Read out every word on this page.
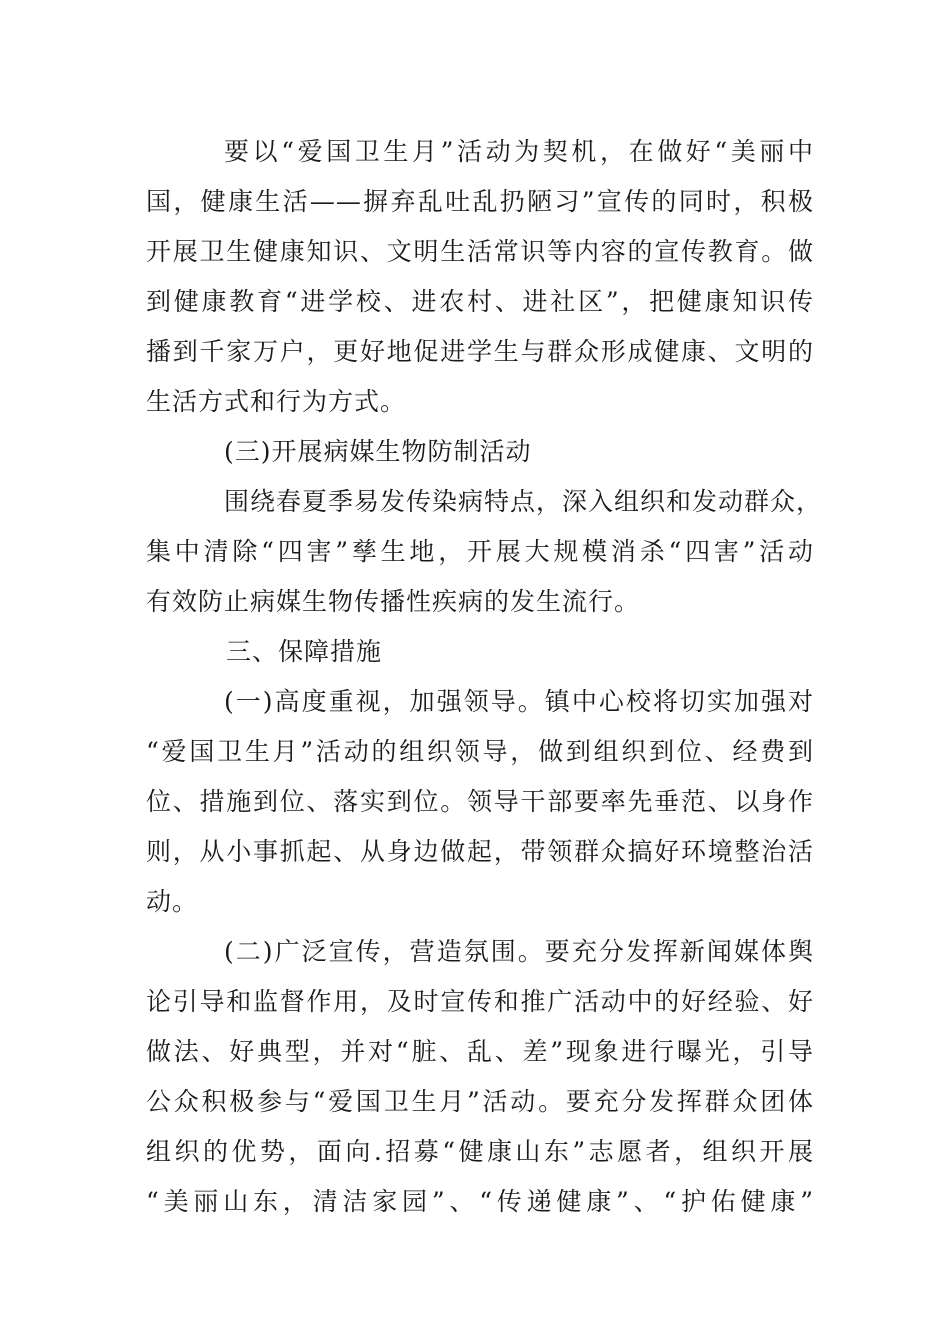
要以“爱国卫生月”活动为契机，在做好“美丽中
国，健康生活——摒弃乱吐乱扔陋习”宣传的同时，积极
开展卫生健康知识、文明生活常识等内容的宣传教育。做
到健康教育“进学校、进农村、进社区”，把健康知识传
播到千家万户，更好地促进学生与群众形成健康、文明的
生活方式和行为方式。
(三)开展病媒生物防制活动
围绕春夏季易发传染病特点，深入组织和发动群众，
集中清除“四害”孳生地，开展大规模消杀“四害”活动
有效防止病媒生物传播性疾病的发生流行。
三、保障措施
(一)高度重视，加强领导。镇中心校将切实加强对
“爱国卫生月”活动的组织领导，做到组织到位、经费到
位、措施到位、落实到位。领导干部要率先垂范、以身作
则，从小事抓起、从身边做起，带领群众搞好环境整治活
动。
(二)广泛宣传，营造氛围。要充分发挥新闻媒体舆
论引导和监督作用，及时宣传和推广活动中的好经验、好
做法、好典型，并对“脏、乱、差”现象进行曝光，引导
公众积极参与“爱国卫生月”活动。要充分发挥群众团体
组织的优势，面向.招募“健康山东”志愿者，组织开展
“美丽山东，清洁家园”、“传递健康”、“护佑健康”
